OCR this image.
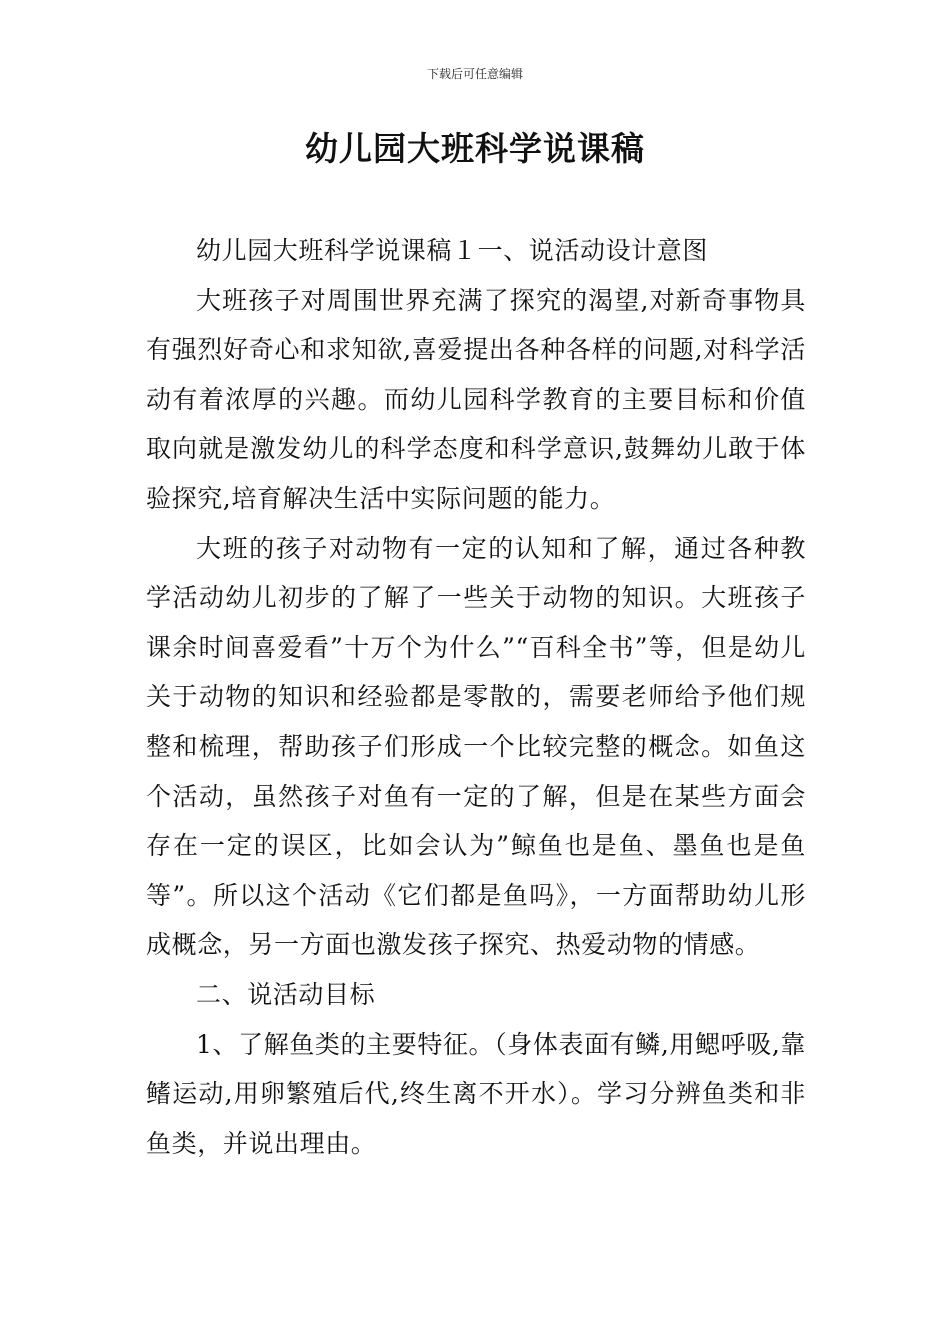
下载后可任意编辑
幼儿园大班科学说课稿

幼儿园大班科学说课稿１一、说活动设计意图

大班孩子对周围世界充满了探究的渴望,对新奇事物具有强烈好奇心和求知欲,喜爱提出各种各样的问题,对科学活动有着浓厚的兴趣。而幼儿园科学教育的主要目标和价值取向就是激发幼儿的科学态度和科学意识,鼓舞幼儿敢于体验探究,培育解决生活中实际问题的能力。

大班的孩子对动物有一定的认知和了解，通过各种教学活动幼儿初步的了解了一些关于动物的知识。大班孩子课余时间喜爱看”十万个为什么”“百科全书”等，但是幼儿关于动物的知识和经验都是零散的，需要老师给予他们规整和梳理，帮助孩子们形成一个比较完整的概念。如鱼这个活动，虽然孩子对鱼有一定的了解，但是在某些方面会存在一定的误区，比如会认为”鲸鱼也是鱼、墨鱼也是鱼等”。所以这个活动《它们都是鱼吗》，一方面帮助幼儿形成概念，另一方面也激发孩子探究、热爱动物的情感。

二、说活动目标

1、了解鱼类的主要特征。（身体表面有鳞,用鳃呼吸,靠鳍运动,用卵繁殖后代,终生离不开水）。学习分辨鱼类和非鱼类，并说出理由。
